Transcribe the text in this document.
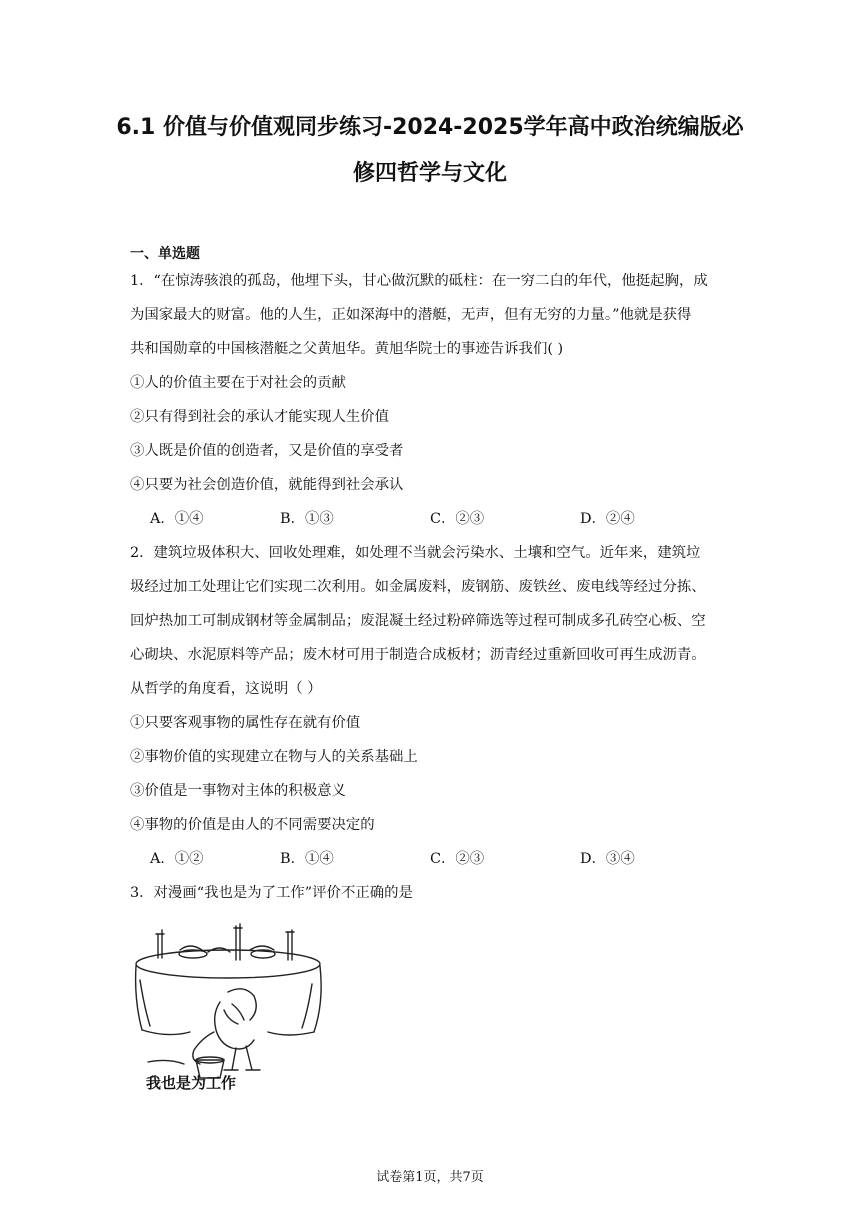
6.1 价值与价值观同步练习-2024-2025学年高中政治统编版必
修四哲学与文化
一、单选题
1．“在惊涛骇浪的孤岛，他埋下头，甘心做沉默的砥柱：在一穷二白的年代，他挺起胸，成
为国家最大的财富。他的人生，正如深海中的潜艇，无声，但有无穷的力量。”他就是获得
共和国勋章的中国核潜艇之父黄旭华。黄旭华院士的事迹告诉我们( )
①人的价值主要在于对社会的贡献
②只有得到社会的承认才能实现人生价值
③人既是价值的创造者，又是价值的享受者
④只要为社会创造价值，就能得到社会承认
A．①④	B．①③	C．②③	D．②④
2．建筑垃圾体积大、回收处理难，如处理不当就会污染水、土壤和空气。近年来，建筑垃
圾经过加工处理让它们实现二次利用。如金属废料，废钢筋、废铁丝、废电线等经过分拣、
回炉热加工可制成钢材等金属制品；废混凝土经过粉碎筛选等过程可制成多孔砖空心板、空
心砌块、水泥原料等产品；废木材可用于制造合成板材；沥青经过重新回收可再生成沥青。
从哲学的角度看，这说明（ ）
①只要客观事物的属性存在就有价值
②事物价值的实现建立在物与人的关系基础上
③价值是一事物对主体的积极意义
④事物的价值是由人的不同需要决定的
A．①②	B．①④	C．②③	D．③④
3．对漫画“我也是为了工作”评价不正确的是
我也是为工作
试卷第1页，共7页
